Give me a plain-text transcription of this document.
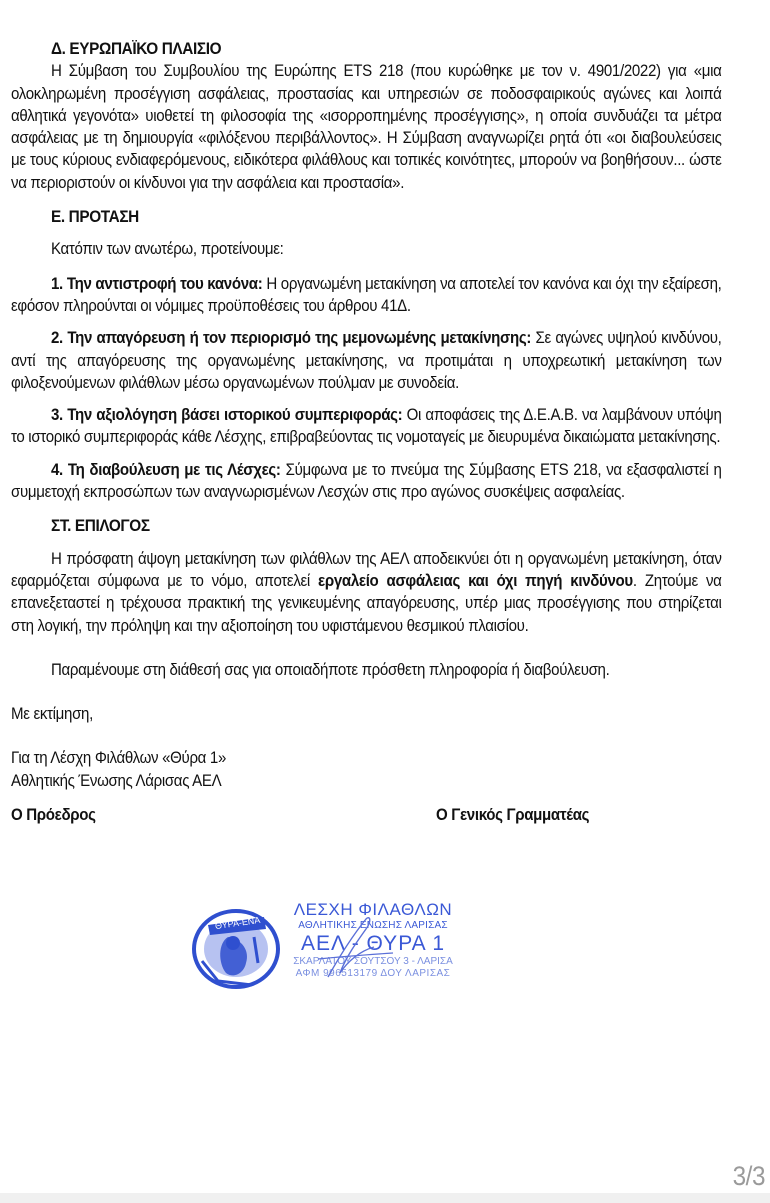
Δ. ΕΥΡΩΠΑΪΚΟ ΠΛΑΙΣΙΟ

Η Σύμβαση του Συμβουλίου της Ευρώπης ETS 218 (που κυρώθηκε με τον ν. 4901/2022) για «μια ολοκληρωμένη προσέγγιση ασφάλειας, προστασίας και υπηρεσιών σε ποδοσφαιρικούς αγώνες και λοιπά αθλητικά γεγονότα» υιοθετεί τη φιλοσοφία της «ισορροπημένης προσέγγισης», η οποία συνδυάζει τα μέτρα ασφάλειας με τη δημιουργία «φιλόξενου περιβάλλοντος». Η Σύμβαση αναγνωρίζει ρητά ότι «οι διαβουλεύσεις με τους κύριους ενδιαφερόμενους, ειδικότερα φιλάθλους και τοπικές κοινότητες, μπορούν να βοηθήσουν... ώστε να περιοριστούν οι κίνδυνοι για την ασφάλεια και προστασία».

Ε. ΠΡΟΤΑΣΗ

Κατόπιν των ανωτέρω, προτείνουμε:

1. Την αντιστροφή του κανόνα: Η οργανωμένη μετακίνηση να αποτελεί τον κανόνα και όχι την εξαίρεση, εφόσον πληρούνται οι νόμιμες προϋποθέσεις του άρθρου 41Δ.

2. Την απαγόρευση ή τον περιορισμό της μεμονωμένης μετακίνησης: Σε αγώνες υψηλού κινδύνου, αντί της απαγόρευσης της οργανωμένης μετακίνησης, να προτιμάται η υποχρεωτική μετακίνηση των φιλοξενούμενων φιλάθλων μέσω οργανωμένων πούλμαν με συνοδεία.

3. Την αξιολόγηση βάσει ιστορικού συμπεριφοράς: Οι αποφάσεις της Δ.Ε.Α.Β. να λαμβάνουν υπόψη το ιστορικό συμπεριφοράς κάθε Λέσχης, επιβραβεύοντας τις νομοταγείς με διευρυμένα δικαιώματα μετακίνησης.

4. Τη διαβούλευση με τις Λέσχες: Σύμφωνα με το πνεύμα της Σύμβασης ETS 218, να εξασφαλιστεί η συμμετοχή εκπροσώπων των αναγνωρισμένων Λεσχών στις προ αγώνος συσκέψεις ασφαλείας.

ΣΤ. ΕΠΙΛΟΓΟΣ

Η πρόσφατη άψογη μετακίνηση των φιλάθλων της ΑΕΛ αποδεικνύει ότι η οργανωμένη μετακίνηση, όταν εφαρμόζεται σύμφωνα με το νόμο, αποτελεί εργαλείο ασφάλειας και όχι πηγή κινδύνου. Ζητούμε να επανεξεταστεί η τρέχουσα πρακτική της γενικευμένης απαγόρευσης, υπέρ μιας προσέγγισης που στηρίζεται στη λογική, την πρόληψη και την αξιοποίηση του υφιστάμενου θεσμικού πλαισίου.

Παραμένουμε στη διάθεσή σας για οποιαδήποτε πρόσθετη πληροφορία ή διαβούλευση.

Με εκτίμηση,

Για τη Λέσχη Φιλάθλων «Θύρα 1»

Αθλητικής Ένωσης Λάρισας ΑΕΛ

Ο Πρόεδρος	Ο Γενικός Γραμματέας
ΘΥΡΑ-ΕΝΑ
ΛΕΣΧΗ ΦΙΛΑΘΛΩΝ
ΑΘΛΗΤΙΚΗΣ ΕΝΩΣΗΣ ΛΑΡΙΣΑΣ
ΑΕΛ - ΘΥΡΑ 1
ΣΚΑΡΛΑΤΟΥ ΣΟΥΤΣΟΥ 3 - ΛΑΡΙΣΑ
ΑΦΜ 996513179 ΔΟΥ ΛΑΡΙΣΑΣ
3/3
